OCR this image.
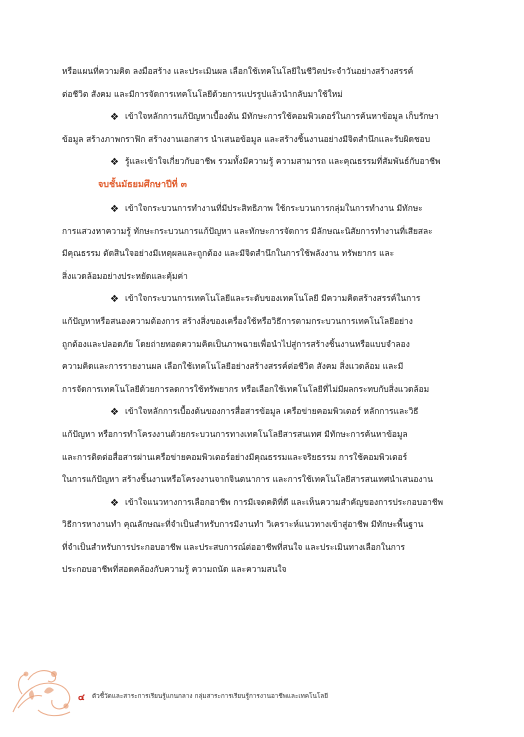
หรือแผนที่ความคิด ลงมือสร้าง และประเมินผล เลือกใช้เทคโนโลยีในชีวิตประจำวันอย่างสร้างสรรค์
ต่อชีวิต สังคม และมีการจัดการเทคโนโลยีด้วยการแปรรูปแล้วนำกลับมาใช้ใหม่
❖ เข้าใจหลักการแก้ปัญหาเบื้องต้น มีทักษะการใช้คอมพิวเตอร์ในการค้นหาข้อมูล เก็บรักษา
ข้อมูล สร้างภาพกราฟิก สร้างงานเอกสาร นำเสนอข้อมูล และสร้างชิ้นงานอย่างมีจิตสำนึกและรับผิดชอบ
❖ รู้และเข้าใจเกี่ยวกับอาชีพ รวมทั้งมีความรู้ ความสามารถ และคุณธรรมที่สัมพันธ์กับอาชีพ
จบชั้นมัธยมศึกษาปีที่ ๓
❖ เข้าใจกระบวนการทำงานที่มีประสิทธิภาพ ใช้กระบวนการกลุ่มในการทำงาน มีทักษะ
การแสวงหาความรู้ ทักษะกระบวนการแก้ปัญหา และทักษะการจัดการ มีลักษณะนิสัยการทำงานที่เสียสละ
มีคุณธรรม ตัดสินใจอย่างมีเหตุผลและถูกต้อง และมีจิตสำนึกในการใช้พลังงาน ทรัพยากร และ
สิ่งแวดล้อมอย่างประหยัดและคุ้มค่า
❖ เข้าใจกระบวนการเทคโนโลยีและระดับของเทคโนโลยี มีความคิดสร้างสรรค์ในการ
แก้ปัญหาหรือสนองความต้องการ สร้างสิ่งของเครื่องใช้หรือวิธีการตามกระบวนการเทคโนโลยีอย่าง
ถูกต้องและปลอดภัย โดยถ่ายทอดความคิดเป็นภาพฉายเพื่อนำไปสู่การสร้างชิ้นงานหรือแบบจำลอง
ความคิดและการรายงานผล เลือกใช้เทคโนโลยีอย่างสร้างสรรค์ต่อชีวิต สังคม สิ่งแวดล้อม และมี
การจัดการเทคโนโลยีด้วยการลดการใช้ทรัพยากร หรือเลือกใช้เทคโนโลยีที่ไม่มีผลกระทบกับสิ่งแวดล้อม
❖ เข้าใจหลักการเบื้องต้นของการสื่อสารข้อมูล เครือข่ายคอมพิวเตอร์ หลักการและวิธี
แก้ปัญหา หรือการทำโครงงานด้วยกระบวนการทางเทคโนโลยีสารสนเทศ มีทักษะการค้นหาข้อมูล
และการติดต่อสื่อสารผ่านเครือข่ายคอมพิวเตอร์อย่างมีคุณธรรมและจริยธรรม การใช้คอมพิวเตอร์
ในการแก้ปัญหา สร้างชิ้นงานหรือโครงงานจากจินตนาการ และการใช้เทคโนโลยีสารสนเทศนำเสนองาน
❖ เข้าใจแนวทางการเลือกอาชีพ การมีเจตคติที่ดี และเห็นความสำคัญของการประกอบอาชีพ
วิธีการหางานทำ คุณลักษณะที่จำเป็นสำหรับการมีงานทำ วิเคราะห์แนวทางเข้าสู่อาชีพ มีทักษะพื้นฐาน
ที่จำเป็นสำหรับการประกอบอาชีพ และประสบการณ์ต่ออาชีพที่สนใจ และประเมินทางเลือกในการ
ประกอบอาชีพที่สอดคล้องกับความรู้ ความถนัด และความสนใจ
๔ ตัวชี้วัดและสาระการเรียนรู้แกนกลาง กลุ่มสาระการเรียนรู้การงานอาชีพและเทคโนโลยี
